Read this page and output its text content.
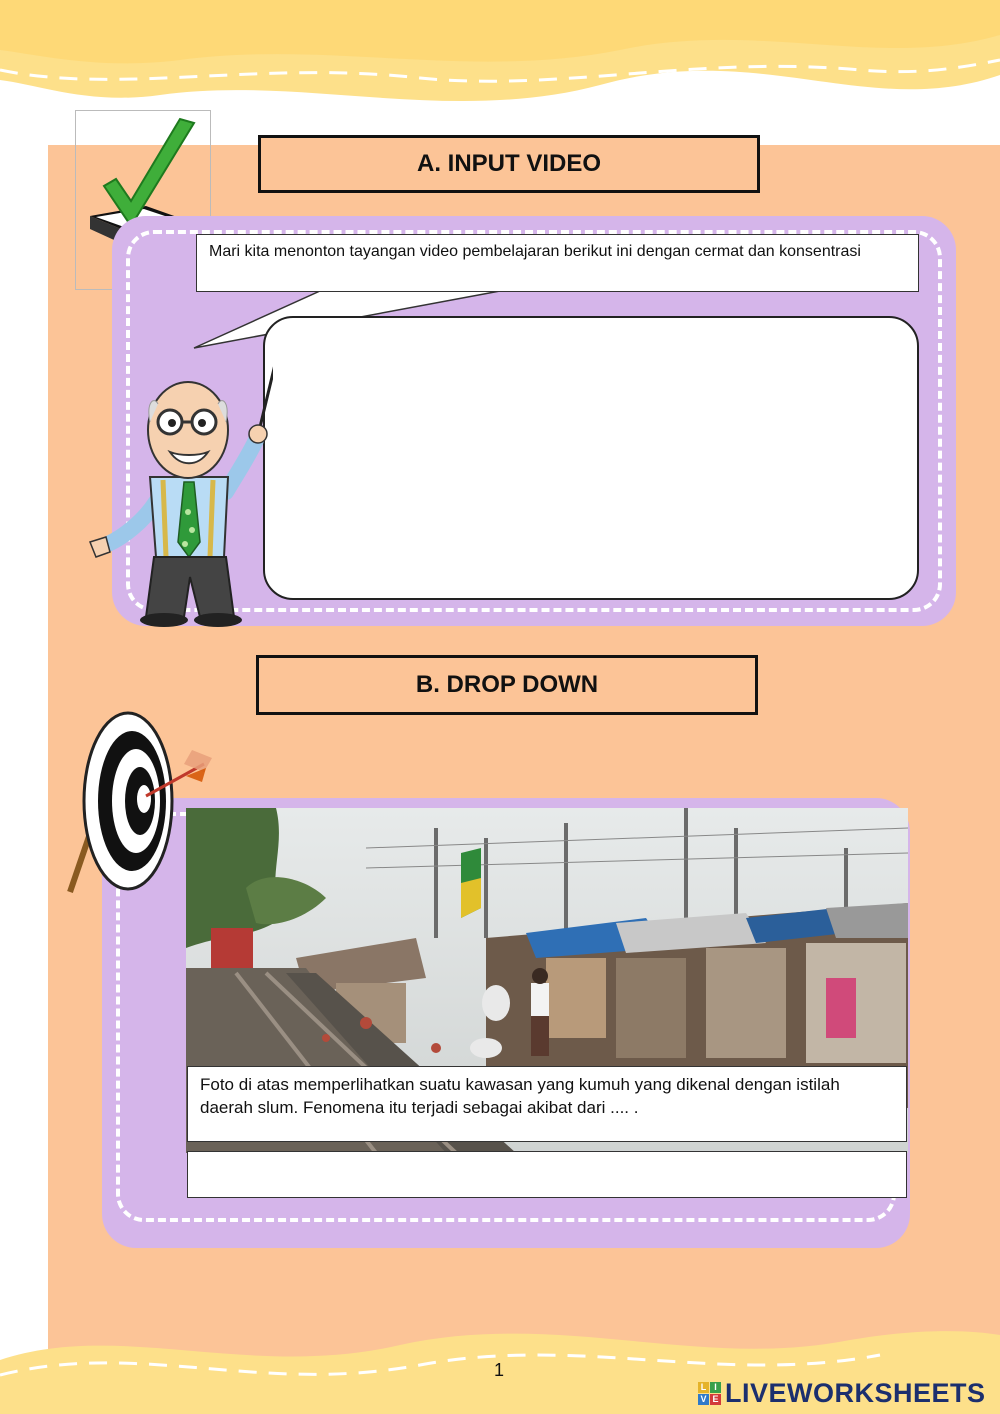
A. INPUT VIDEO
Mari kita menonton tayangan video pembelajaran berikut ini dengan cermat dan konsentrasi
B. DROP DOWN
Foto di atas memperlihatkan suatu kawasan yang kumuh yang dikenal dengan istilah daerah slum. Fenomena itu terjadi sebagai akibat dari .... .
1
L I
V E LIVEWORKSHEETS
